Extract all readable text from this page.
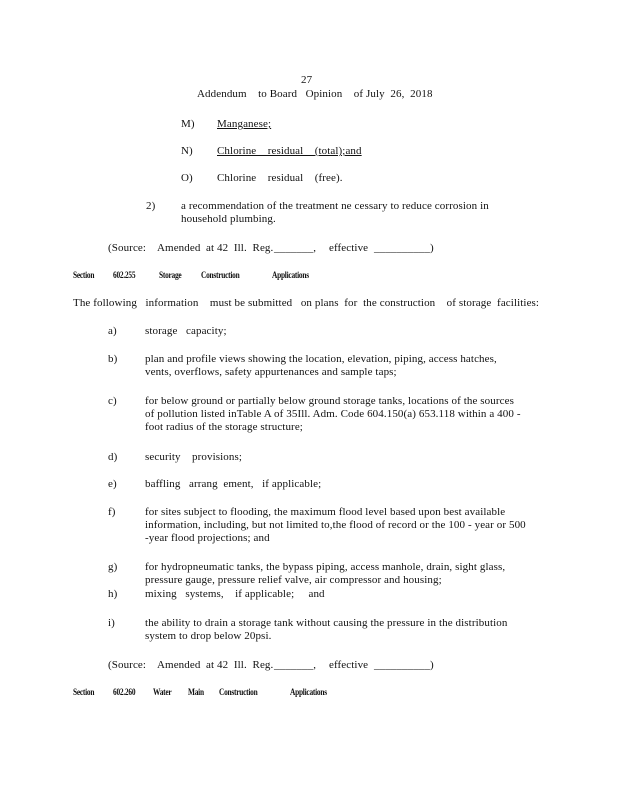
27
Addendum    to Board   Opinion    of July  26,  2018
M) Manganese;
N) Chlorine    residual    (total);and
O) Chlorine    residual    (free).
2) a recommendation of the treatment ne cessary to reduce corrosion in household plumbing.
(Source: Amended at 42  Ill.  Reg. _______, effective __________)
Section 602.255	Storage Construction	Applications
The following   information    must be submitted   on plans  for  the construction    of storage  facilities:
a)	storage   capacity;
b)	plan and profile views showing the location, elevation, piping, access hatches, vents, overflows, safety appurtenances and sample taps;
c)	for below ground or partially below ground storage tanks, locations of the sources of pollution listed inTable A of 35Ill. Adm. Code 604.150(a) 653.118 within a 400 -foot radius of the storage structure;
d)	security    provisions;
e)	baffling   arrang  ement,   if applicable;
f)	for sites subject to flooding, the maximum flood level based upon best available information, including, but not limited to,the flood of record or the 100 - year or 500 -year flood projections; and
g)	for hydropneumatic tanks, the bypass piping, access manhole, drain, sight glass, pressure gauge, pressure relief valve, air compressor and housing;
h)	mixing   systems,    if applicable;     and
i)	the ability to drain a storage tank without causing the pressure in the distribution system to drop below 20psi.
(Source: Amended at 42  Ill.  Reg. _______, effective __________)
Section 602.260 Water Main Construction	Applications
